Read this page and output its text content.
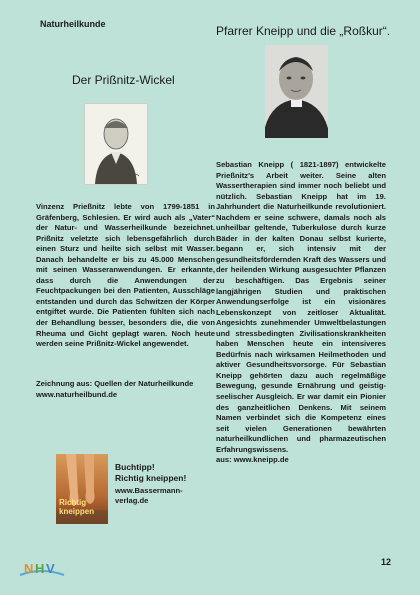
Naturheilkunde	Pfarrer Kneipp und die „Roßkur“.
Der Prißnitz-Wickel

Vinzenz Prießnitz lebte von 1799-1851 in Gräfenberg, Schlesien. Er wird auch als „Vater“ der Natur- und Wasserheilkunde bezeichnet. Prißnitz veletzte sich lebensgefährlich durch einen Sturz und heilte sich selbst mit Wasser. Danach behandelte er bis zu 45.000 Menschen mit seinen Wasseranwendungen. Er erkannte, dass durch die Anwendungen der Feuchtpackungen bei den Patienten, Ausschläge entstanden und durch das Schwitzen der Körper entgiftet wurde. Die Patienten fühlten sich nach der Behandlung besser, besonders die, die von Rheuma und Gicht geplagt waren. Noch heute werden seine Prißnitz-Wickel angewendet.

Zeichnung aus: Quellen der Naturheilkunde
www.naturheilbund.de

Sebastian Kneipp ( 1821-1897) entwickelte Prießnitz's Arbeit weiter. Seine alten Wassertherapien sind immer noch beliebt und nützlich. Sebastian Kneipp hat im 19. Jahrhundert die Naturheilkunde revolutioniert. Nachdem er seine schwere, damals noch als unheilbar geltende, Tuberkulose durch kurze Bäder in der kalten Donau selbst kurierte, begann er, sich intensiv mit der gesundheitsfördernden Kraft des Wassers und der heilenden Wirkung ausgesuchter Pflanzen zu beschäftigen. Das Ergebnis seiner langjährigen Studien und praktischen Anwendungserfolge ist ein visionäres Lebenskonzept von zeitloser Aktualität. Angesichts zunehmender Umweltbelastungen und stressbedingten Zivilisationskrankheiten haben Menschen heute ein intensiveres Bedürfnis nach wirksamen Heilmethoden und aktiver Gesundheitsvorsorge. Für Sebastian Kneipp gehörten dazu auch regelmäßige Bewegung, gesunde Ernährung und geistig-seelischer Ausgleich. Er war damit ein Pionier des ganzheitlichen Denkens. Mit seinem Namen verbindet sich die Kompetenz eines seit vielen Generationen bewährten naturheilkundlichen und pharmazeutischen Erfahrungswissens.

aus: www.kneipp.de

Richtig kneippen
Buchtipp!
Richtig kneippen!
www.Bassermann-verlag.de
N H V	12
